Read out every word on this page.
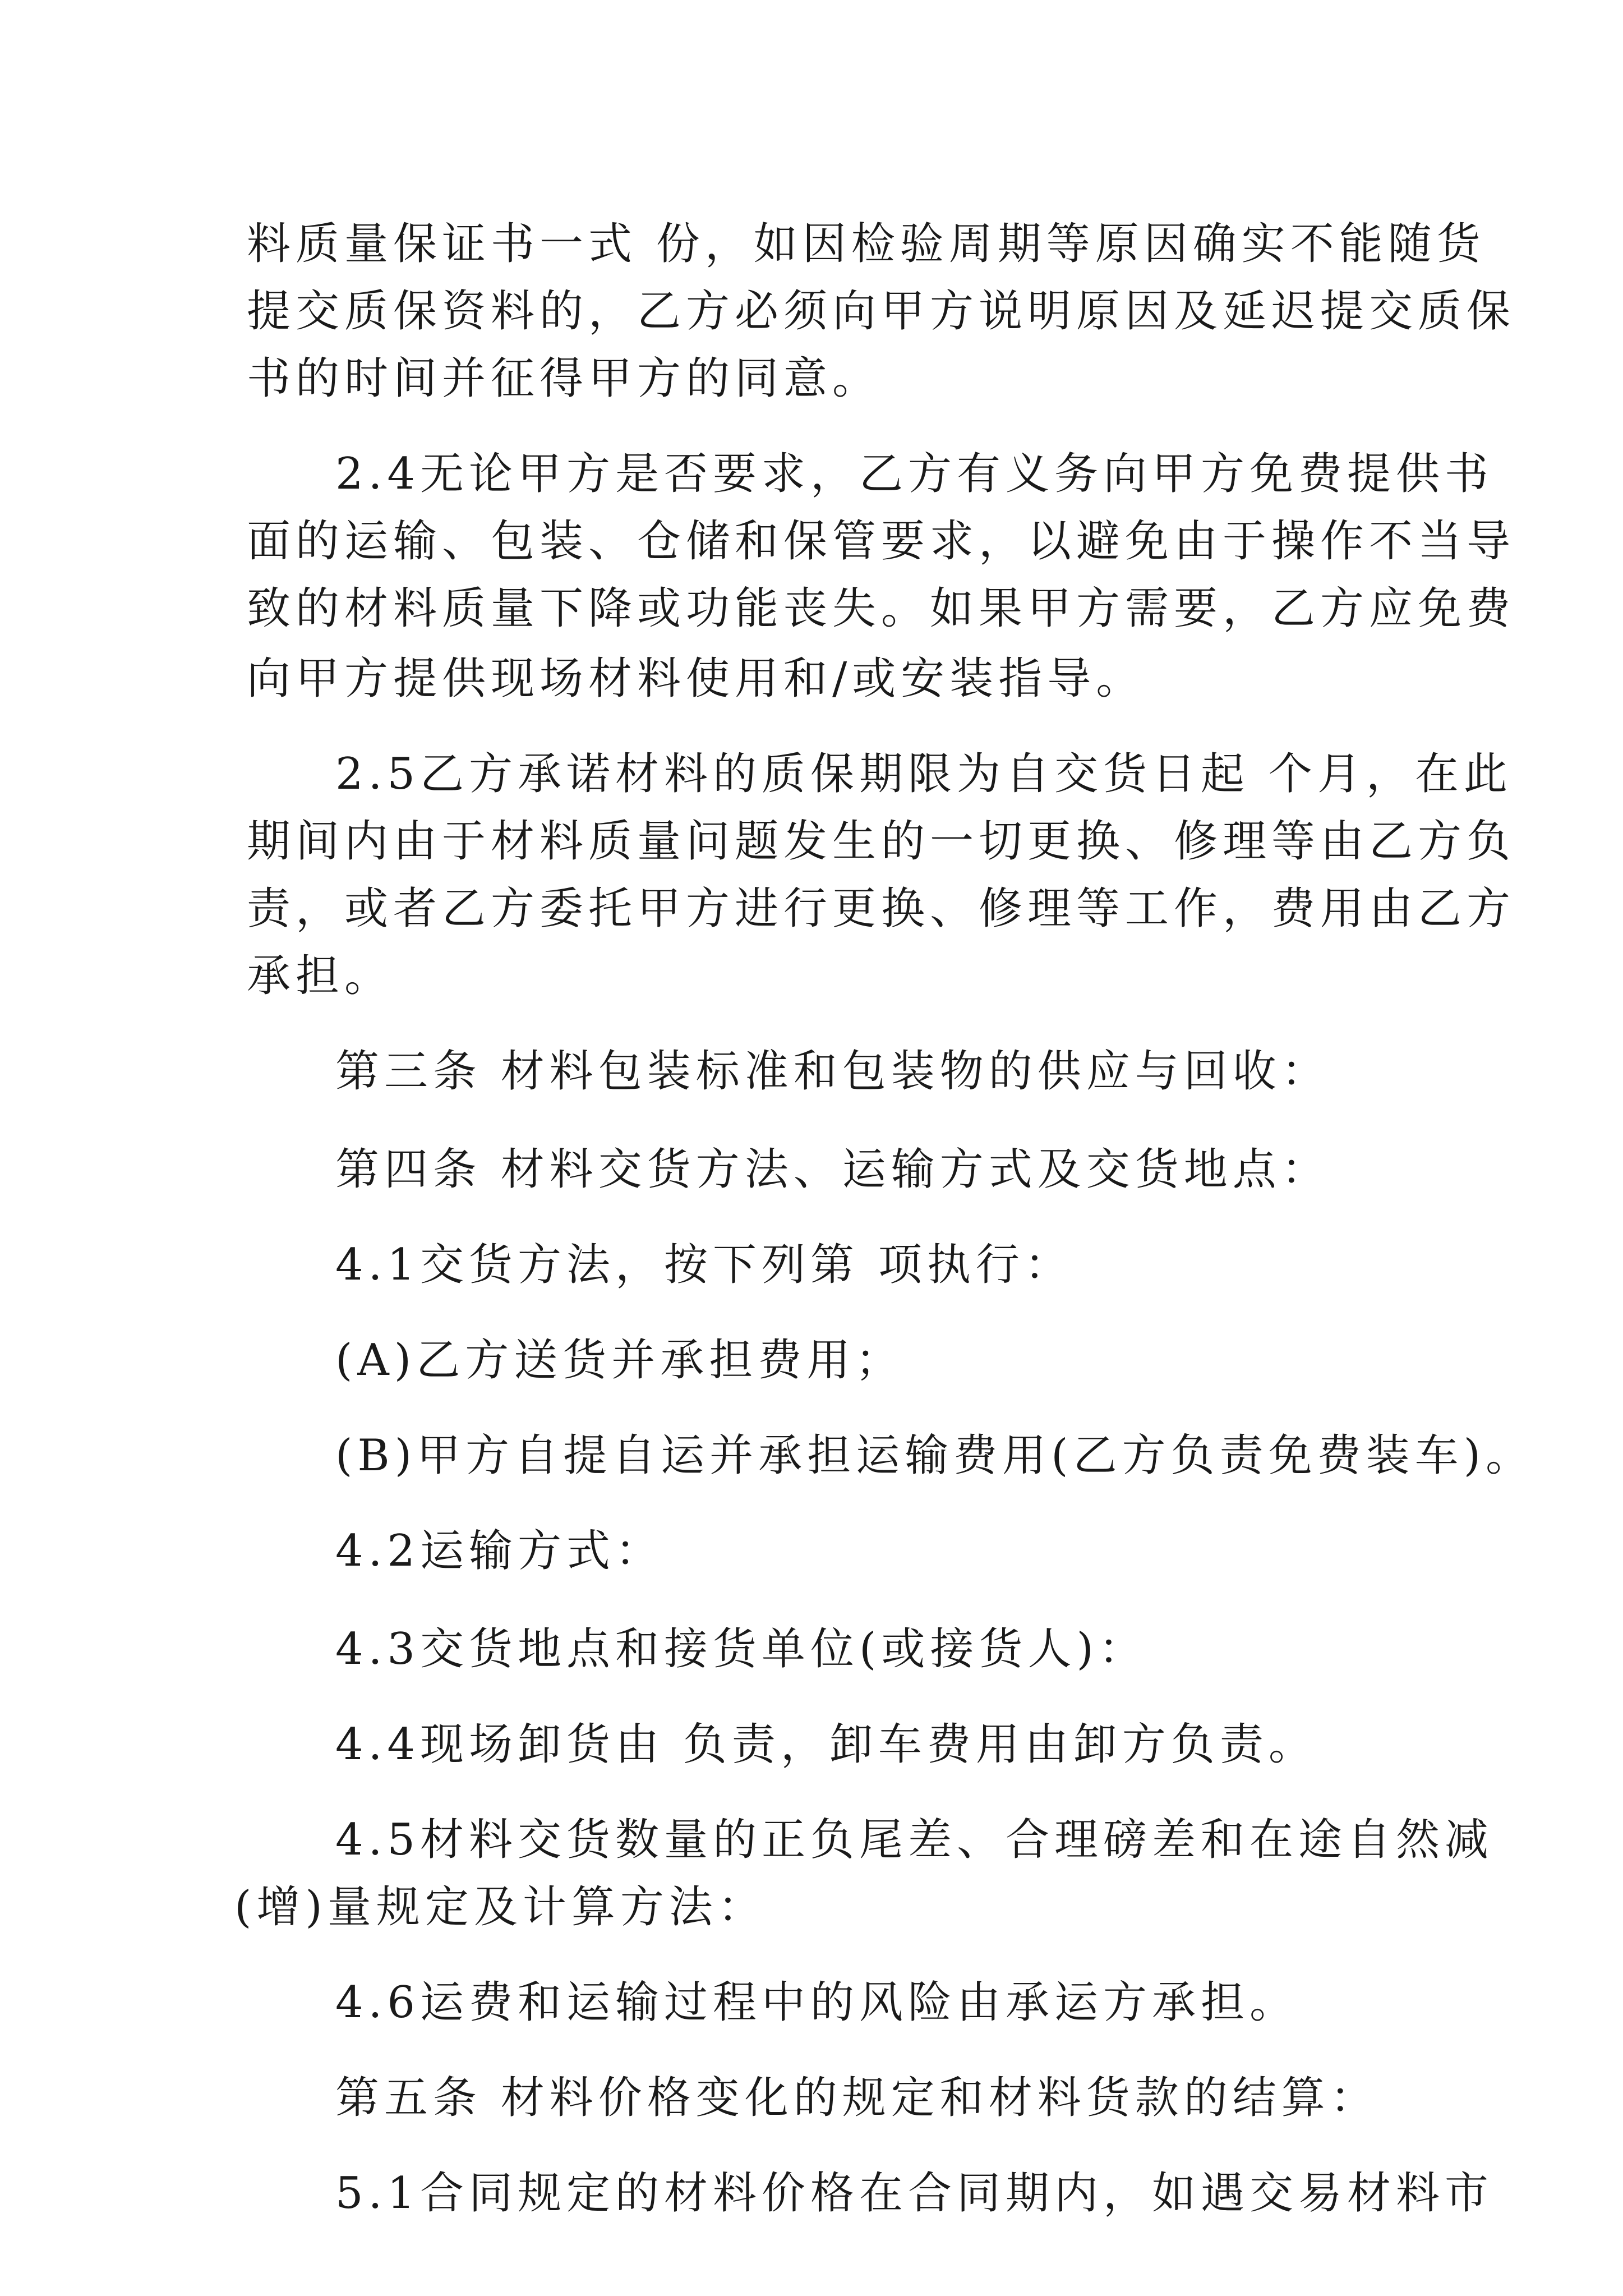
料质量保证书一式 份，如因检验周期等原因确实不能随货
提交质保资料的，乙方必须向甲方说明原因及延迟提交质保
书的时间并征得甲方的同意。
2.4无论甲方是否要求，乙方有义务向甲方免费提供书
面的运输、包装、仓储和保管要求，以避免由于操作不当导
致的材料质量下降或功能丧失。如果甲方需要，乙方应免费
向甲方提供现场材料使用和/或安装指导。
2.5乙方承诺材料的质保期限为自交货日起 个月，在此
期间内由于材料质量问题发生的一切更换、修理等由乙方负
责，或者乙方委托甲方进行更换、修理等工作，费用由乙方
承担。
第三条 材料包装标准和包装物的供应与回收：
第四条 材料交货方法、运输方式及交货地点：
4.1交货方法，按下列第 项执行：
(A)乙方送货并承担费用；
(B)甲方自提自运并承担运输费用(乙方负责免费装车)。
4.2运输方式：
4.3交货地点和接货单位(或接货人)：
4.4现场卸货由 负责，卸车费用由卸方负责。
4.5材料交货数量的正负尾差、合理磅差和在途自然减
(增)量规定及计算方法：
4.6运费和运输过程中的风险由承运方承担。
第五条 材料价格变化的规定和材料货款的结算：
5.1合同规定的材料价格在合同期内，如遇交易材料市
